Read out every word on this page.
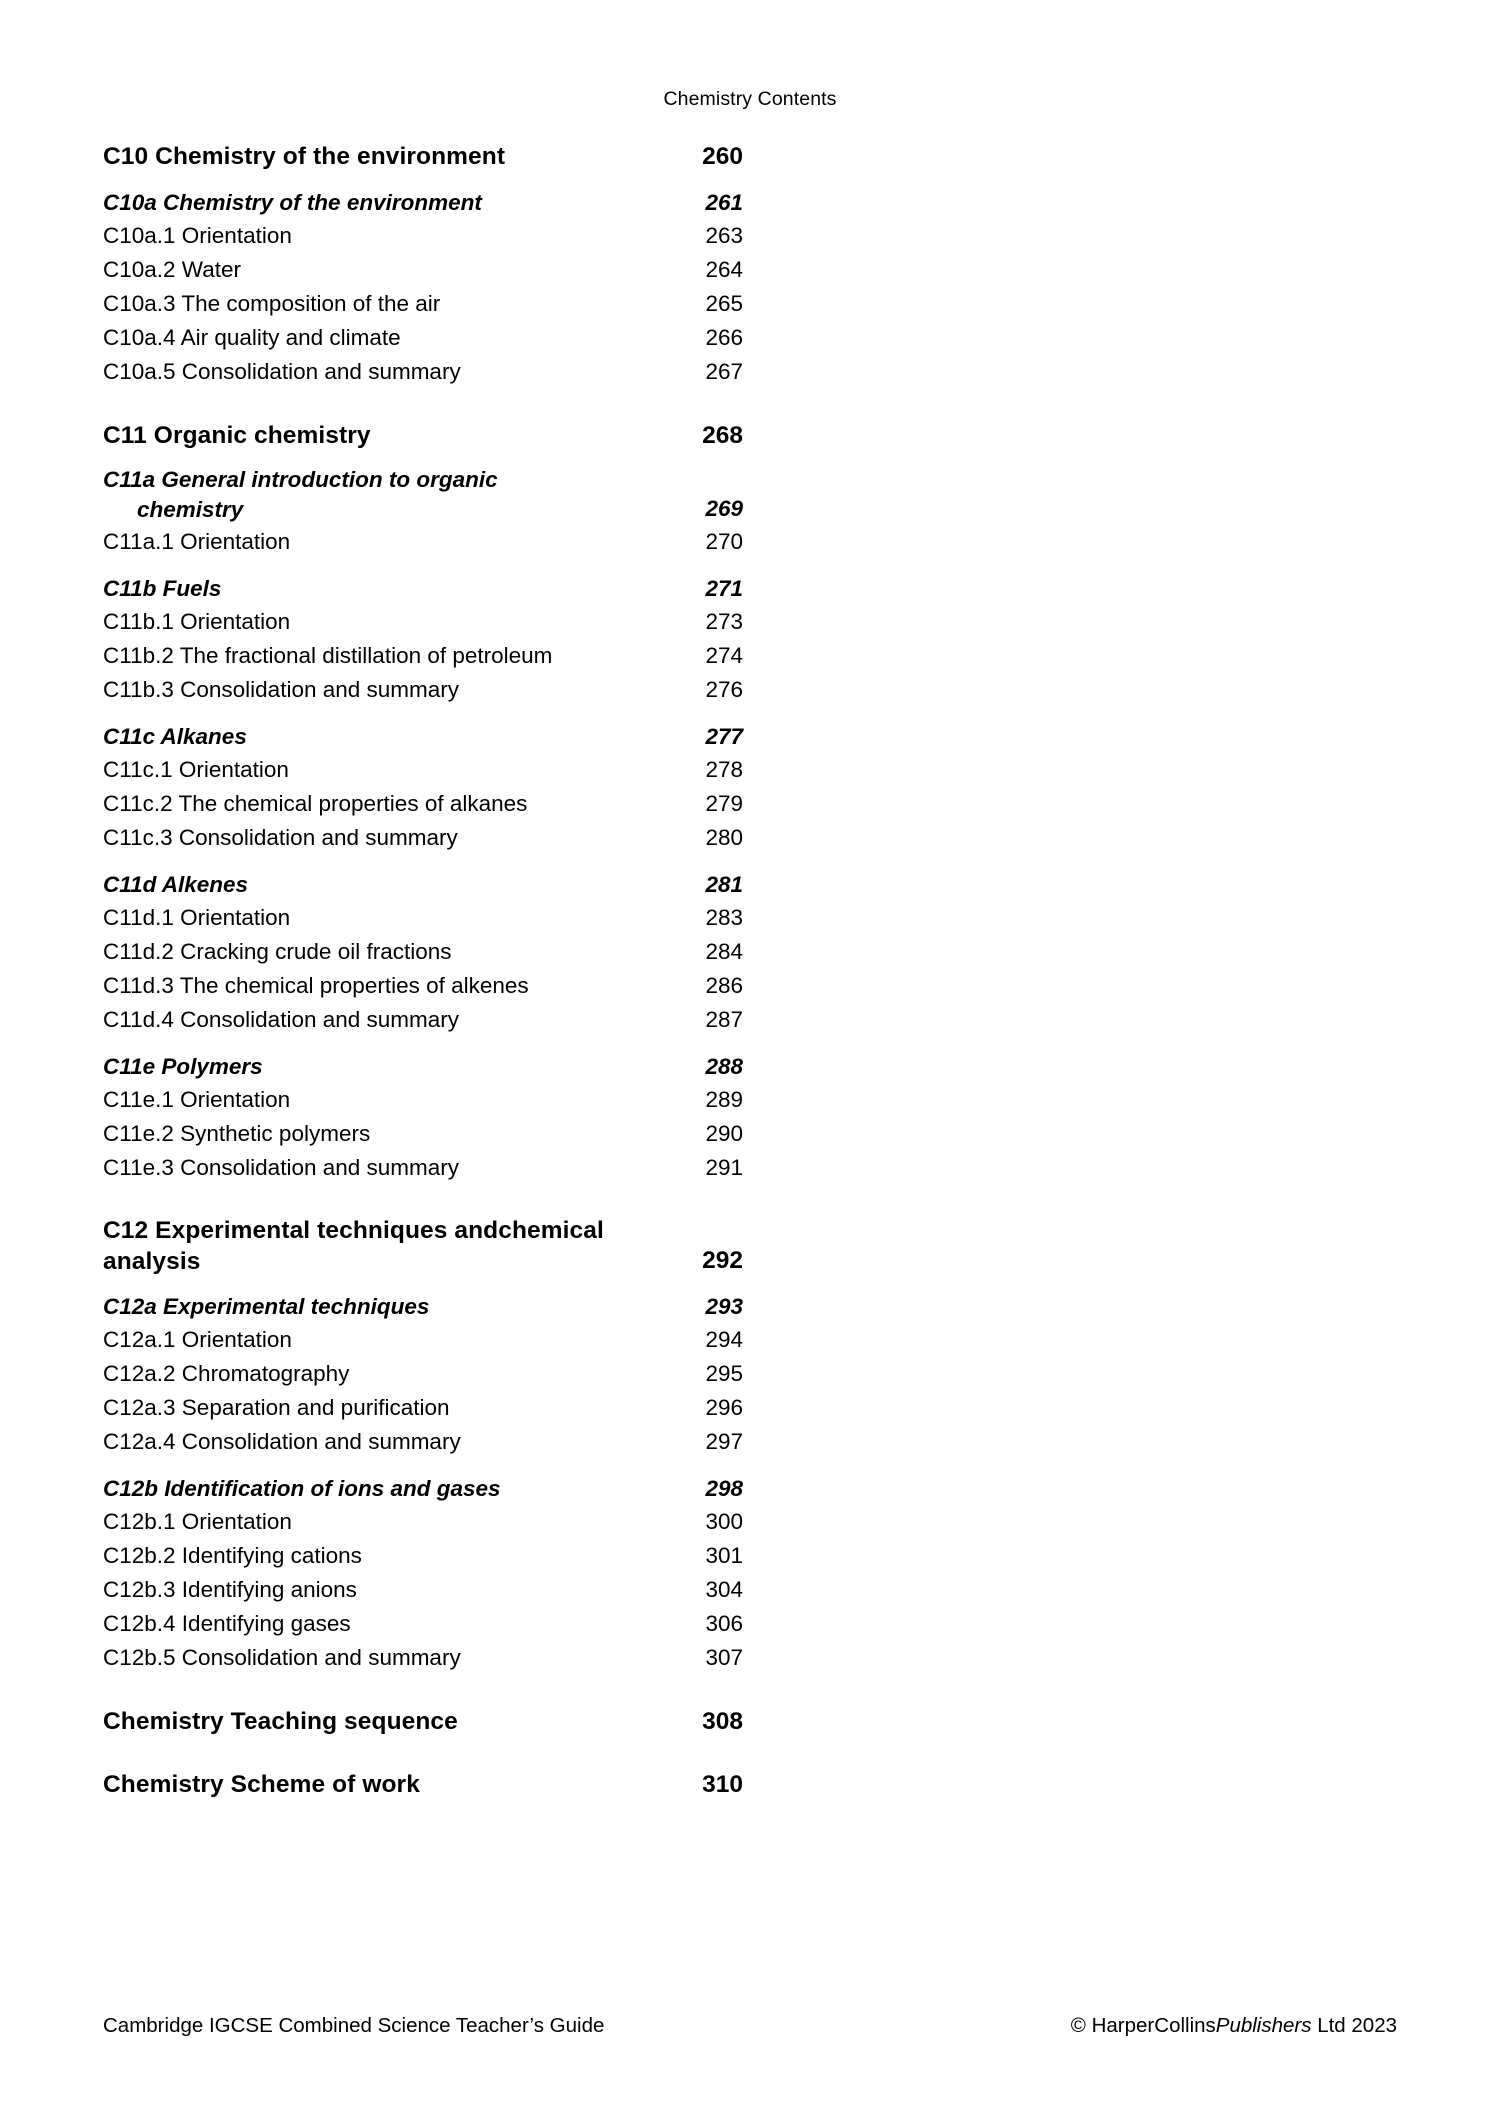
Chemistry Contents
C10 Chemistry of the environment	260
C10a Chemistry of the environment	261
C10a.1 Orientation	263
C10a.2 Water	264
C10a.3 The composition of the air	265
C10a.4 Air quality and climate	266
C10a.5 Consolidation and summary	267
C11 Organic chemistry	268
C11a General introduction to organic
chemistry	269
C11a.1 Orientation	270
C11b Fuels	271
C11b.1 Orientation	273
C11b.2 The fractional distillation of petroleum	274
C11b.3 Consolidation and summary	276
C11c Alkanes	277
C11c.1 Orientation	278
C11c.2 The chemical properties of alkanes	279
C11c.3 Consolidation and summary	280
C11d Alkenes	281
C11d.1 Orientation	283
C11d.2 Cracking crude oil fractions	284
C11d.3 The chemical properties of alkenes	286
C11d.4 Consolidation and summary	287
C11e Polymers	288
C11e.1 Orientation	289
C11e.2 Synthetic polymers	290
C11e.3 Consolidation and summary	291
C12 Experimental techniques andchemical analysis	292
C12a Experimental techniques	293
C12a.1 Orientation	294
C12a.2 Chromatography	295
C12a.3 Separation and purification	296
C12a.4 Consolidation and summary	297
C12b Identification of ions and gases	298
C12b.1 Orientation	300
C12b.2 Identifying cations	301
C12b.3 Identifying anions	304
C12b.4 Identifying gases	306
C12b.5 Consolidation and summary	307
Chemistry Teaching sequence	308
Chemistry Scheme of work	310
Cambridge IGCSE Combined Science Teacher’s Guide	© HarperCollinsPublishers Ltd 2023
